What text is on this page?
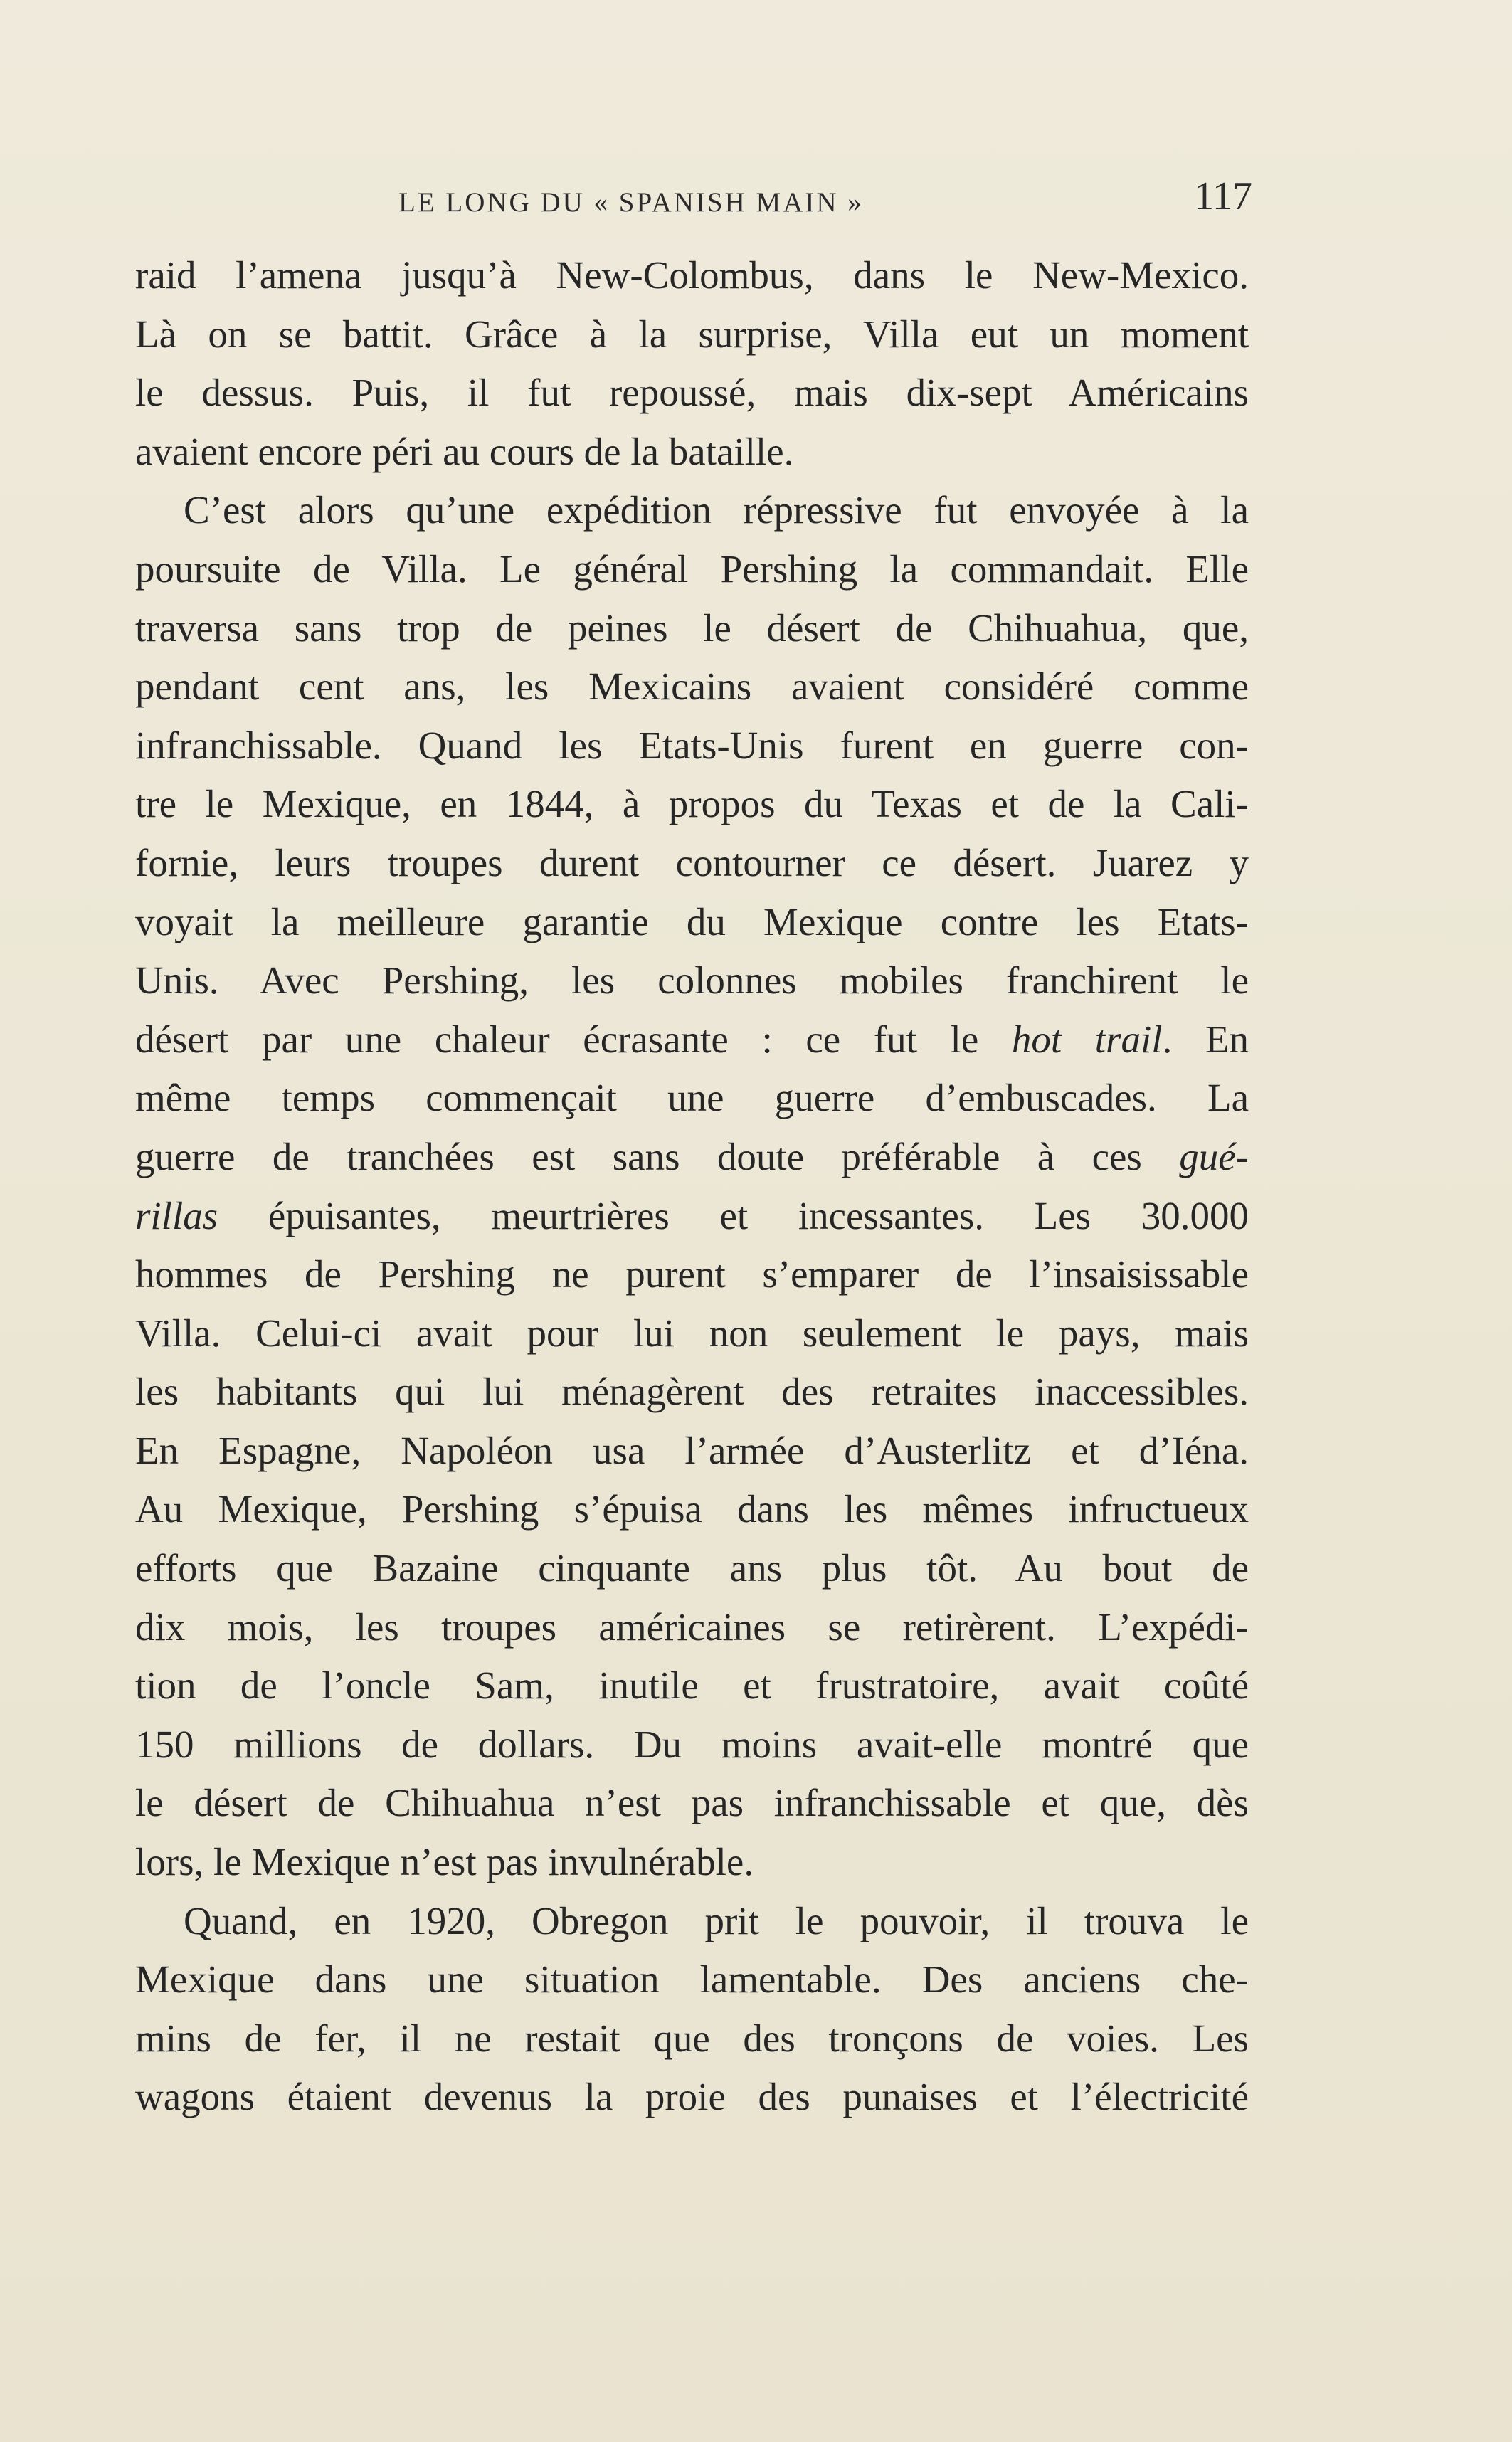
LE LONG DU « SPANISH MAIN »	117

raid l’amena jusqu’à New-Colombus, dans le New-Mexico.
Là on se battit. Grâce à la surprise, Villa eut un moment
le dessus. Puis, il fut repoussé, mais dix-sept Américains
avaient encore péri au cours de la bataille.

C’est alors qu’une expédition répressive fut envoyée à la
poursuite de Villa. Le général Pershing la commandait. Elle
traversa sans trop de peines le désert de Chihuahua, que,
pendant cent ans, les Mexicains avaient considéré comme
infranchissable. Quand les Etats-Unis furent en guerre con-
tre le Mexique, en 1844, à propos du Texas et de la Cali-
fornie, leurs troupes durent contourner ce désert. Juarez y
voyait la meilleure garantie du Mexique contre les Etats-
Unis. Avec Pershing, les colonnes mobiles franchirent le
désert par une chaleur écrasante : ce fut le hot trail. En
même temps commençait une guerre d’embuscades. La
guerre de tranchées est sans doute préférable à ces gué-
rillas épuisantes, meurtrières et incessantes. Les 30.000
hommes de Pershing ne purent s’emparer de l’insaisissable
Villa. Celui-ci avait pour lui non seulement le pays, mais
les habitants qui lui ménagèrent des retraites inaccessibles.
En Espagne, Napoléon usa l’armée d’Austerlitz et d’Iéna.
Au Mexique, Pershing s’épuisa dans les mêmes infructueux
efforts que Bazaine cinquante ans plus tôt. Au bout de
dix mois, les troupes américaines se retirèrent. L’expédi-
tion de l’oncle Sam, inutile et frustratoire, avait coûté
150 millions de dollars. Du moins avait-elle montré que
le désert de Chihuahua n’est pas infranchissable et que, dès
lors, le Mexique n’est pas invulnérable.

Quand, en 1920, Obregon prit le pouvoir, il trouva le
Mexique dans une situation lamentable. Des anciens che-
mins de fer, il ne restait que des tronçons de voies. Les
wagons étaient devenus la proie des punaises et l’électricité
